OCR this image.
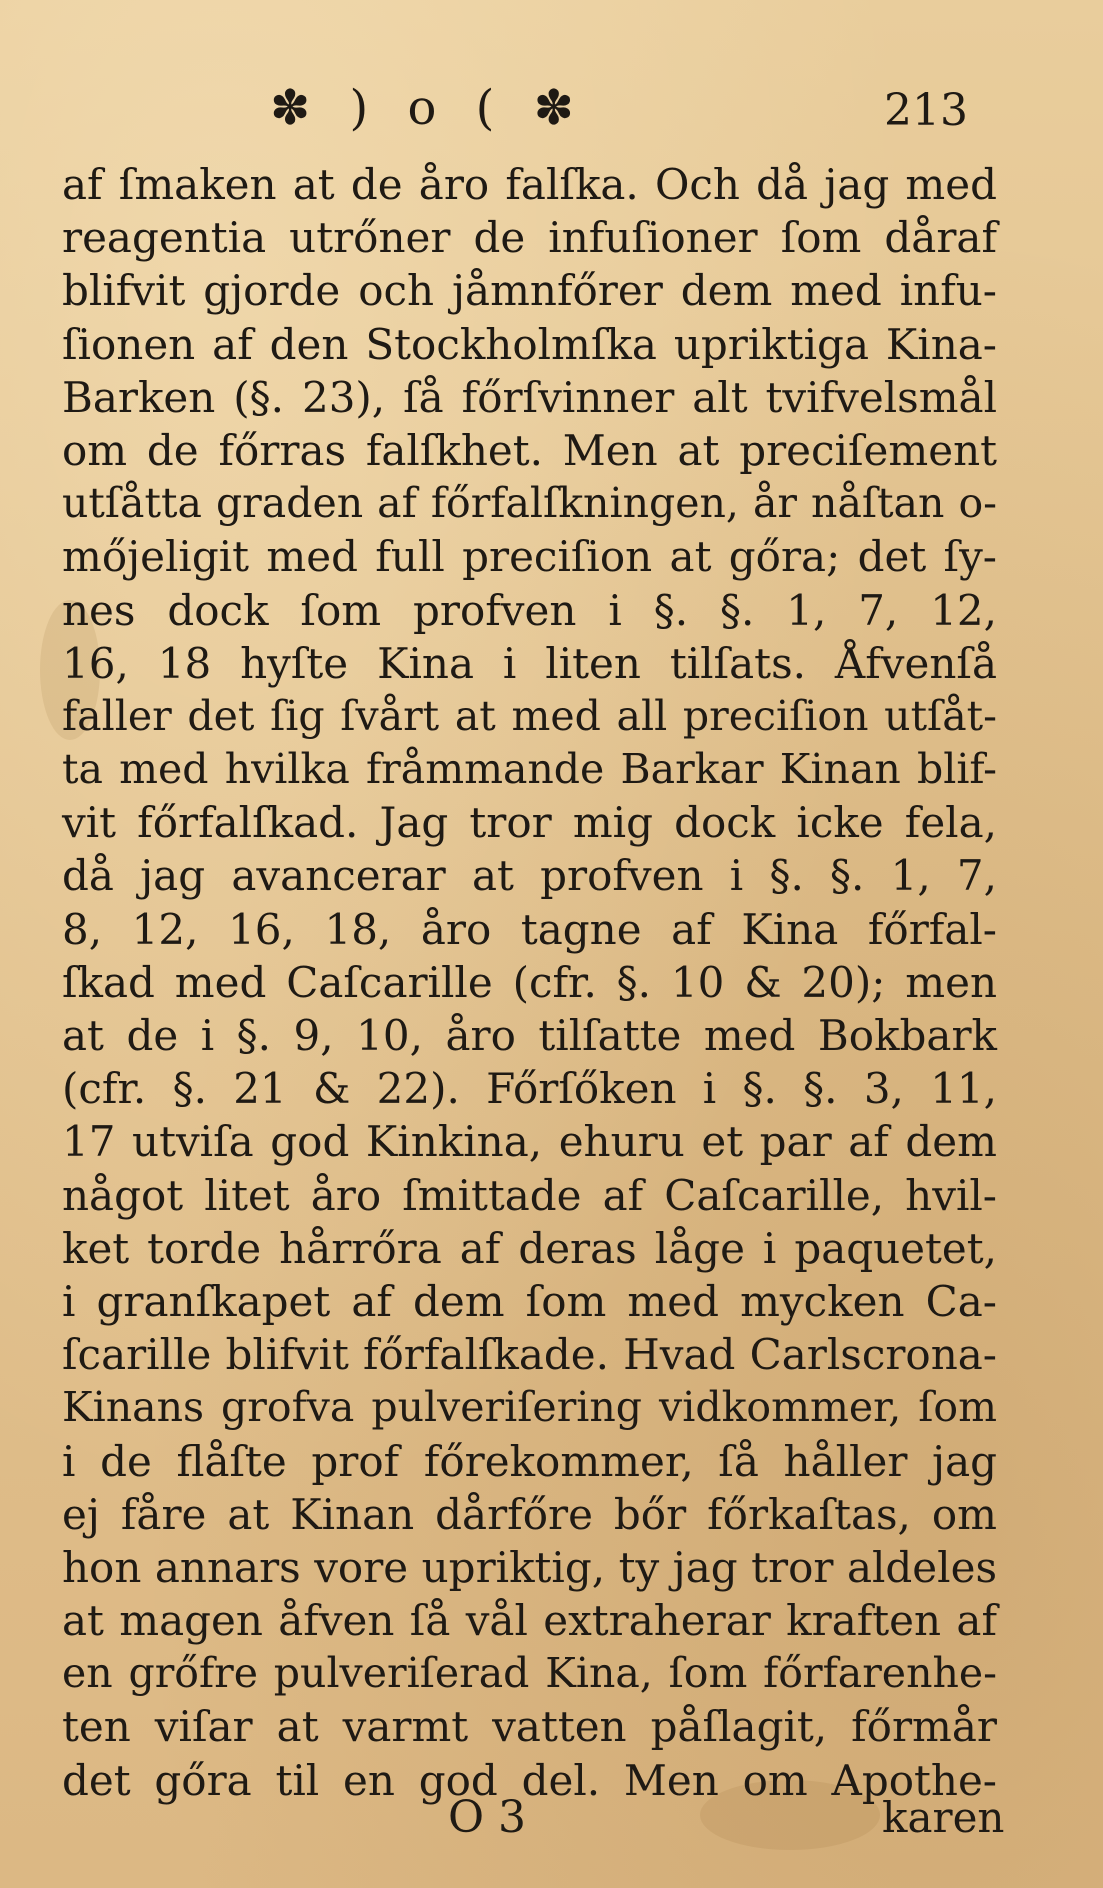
✽ ) o ( ✽	213
af ſmaken at de åro falſka. Och då jag med
reagentia utrőner de infuſioner ſom dåraf
blifvit gjorde och jåmnfőrer dem med infu-
ſionen af den Stockholmſka upriktiga Kina-
Barken (§. 23), ſå főrſvinner alt tvifvelsmål
om de főrras falſkhet. Men at preciſement
utſåtta graden af főrfalſkningen, år nåſtan o-
mőjeligit med full preciſion at gőra; det ſy-
nes dock ſom profven i §. §. 1, 7, 12,
16, 18 hyſte Kina i liten tilſats. Åfvenſå
faller det ſig ſvårt at med all preciſion utſåt-
ta med hvilka fråmmande Barkar Kinan blif-
vit főrfalſkad. Jag tror mig dock icke fela,
då jag avancerar at profven i §. §. 1, 7,
8, 12, 16, 18, åro tagne af Kina főrfal-
ſkad med Caſcarille (cfr. §. 10 & 20); men
at de i §. 9, 10, åro tilſatte med Bokbark
(cfr. §. 21 & 22). Főrſőken i §. §. 3, 11,
17 utviſa god Kinkina, ehuru et par af dem
något litet åro ſmittade af Caſcarille, hvil-
ket torde hårrőra af deras låge i paquetet,
i granſkapet af dem ſom med mycken Ca-
ſcarille blifvit főrfalſkade. Hvad Carlscrona-
Kinans grofva pulveriſering vidkommer, ſom
i de flåſte prof főrekommer, ſå håller jag
ej fåre at Kinan dårfőre bőr főrkaſtas, om
hon annars vore upriktig, ty jag tror aldeles
at magen åfven ſå vål extraherar kraften af
en grőfre pulveriſerad Kina, ſom főrfarenhe-
ten viſar at varmt vatten påſlagit, főrmår
det gőra til en god del. Men om Apothe-
O 3	karen
